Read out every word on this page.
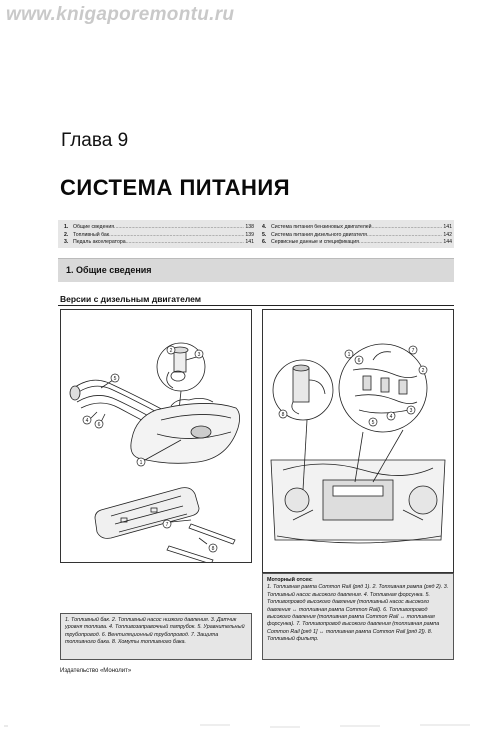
www.knigaporemontu.ru
Глава 9
СИСТЕМА ПИТАНИЯ
1. Общие сведения .....	138
2. Топливный бак .....	139
3. Педаль акселератора .....	141
4. Система питания бензиновых двигателей .....	141
5. Система питания дизельного двигателя .....	142
6. Сервисные данные и спецификация .....	144
1. Общие сведения
Версии с дизельным двигателем
1
2
3
4
5
6
7
8
1
2
3
4
5
6
7
8
1. Топливный бак. 2. Топливный насос низкого давления. 3. Датчик уровня топлива. 4. Топливозаправочный патрубок. 5. Уравнительный трубопровод. 6. Вентиляционный трубопровод. 7. Защита топливного бака. 8. Хомуты топливного бака.
Моторный отсек:
1. Топливная рампа Common Rail (ряд 1). 2. Топливная рампа (ряд 2). 3. Топливный насос высокого давления. 4. Топливная форсунка. 5. Топливопровод высокого давления (топливный насос высокого давления ↔ топливная рампа Common Rail). 6. Топливопровод высокого давления (топливная рампа Common Rail ↔ топливная форсунка). 7. Топливопровод высокого давления (топливная рампа Common Rail [ряд 1] ↔ топливная рампа Common Rail [ряд 2]). 8. Топливный фильтр.
Издательство «Монолит»
